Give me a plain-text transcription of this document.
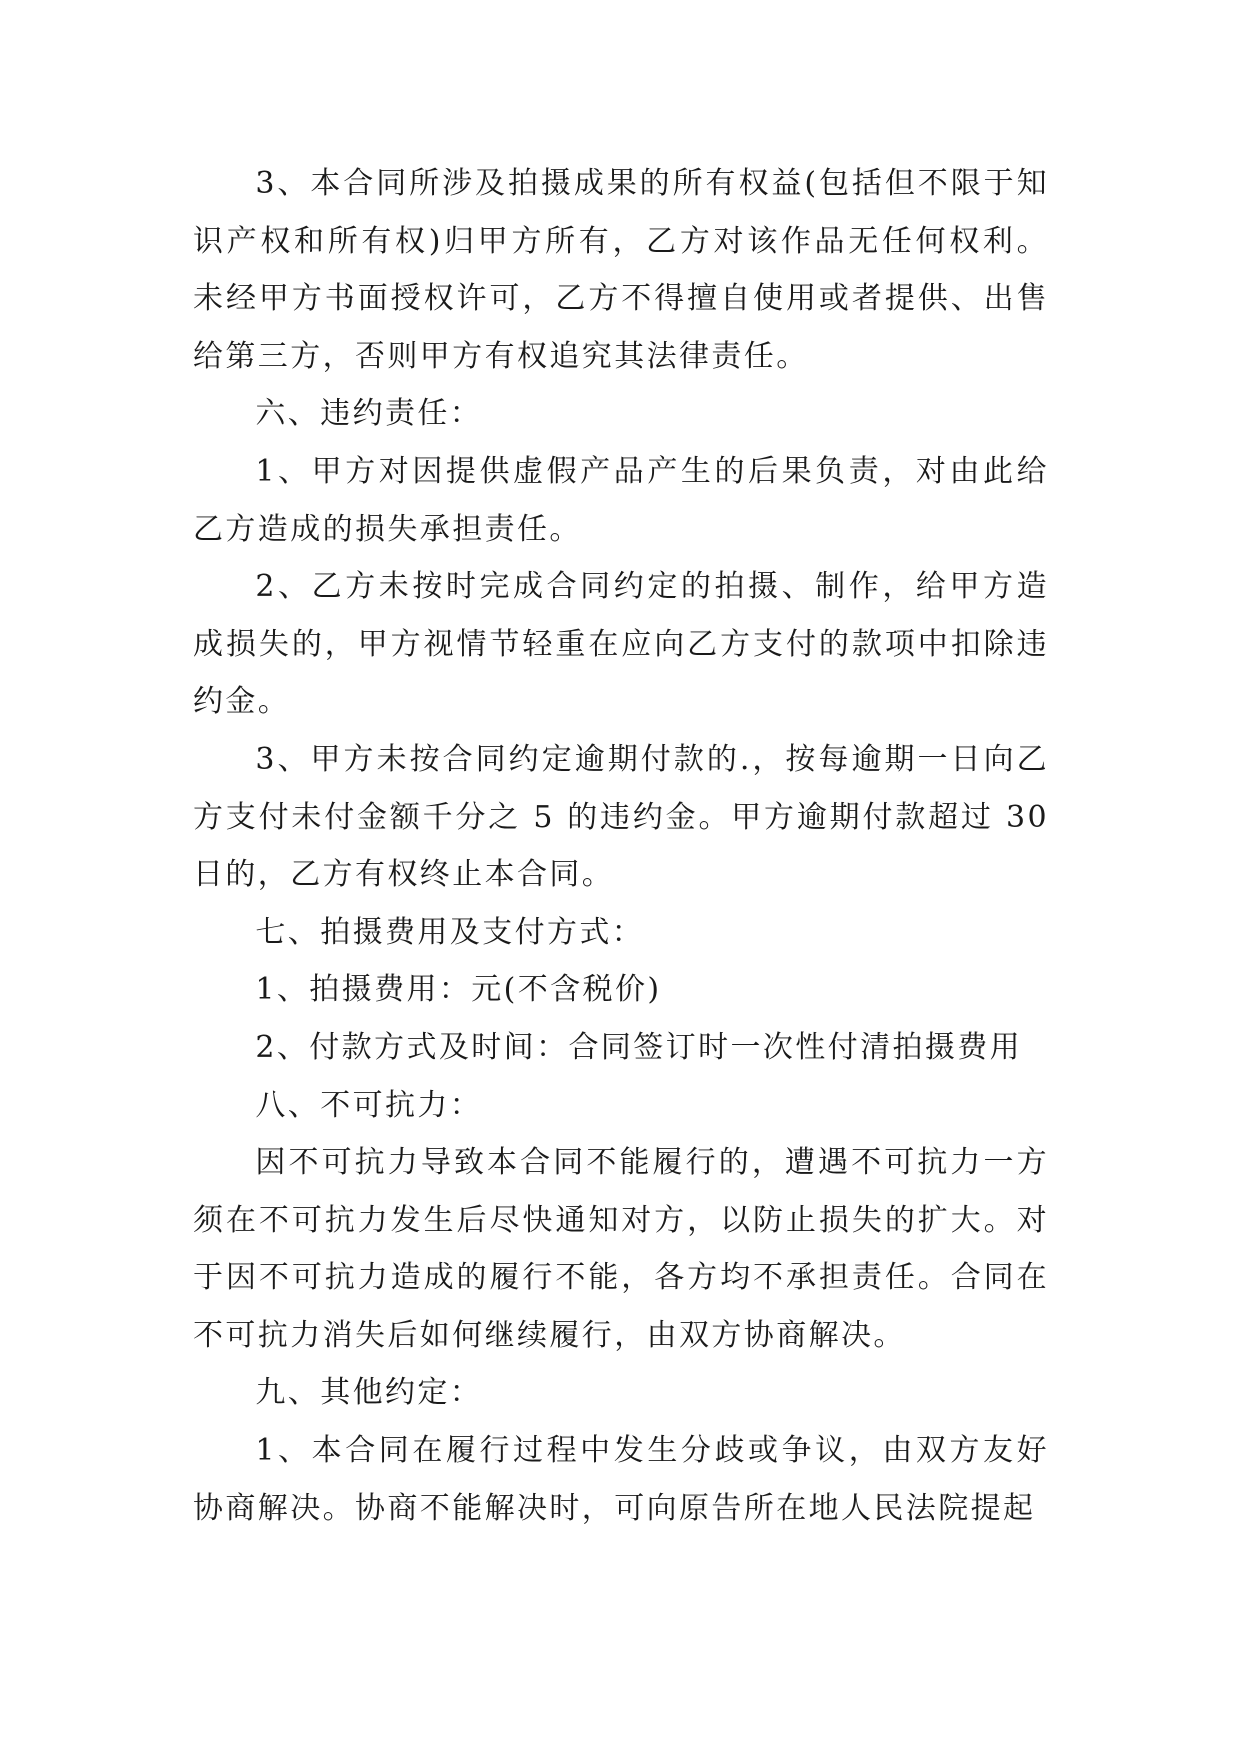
3、本合同所涉及拍摄成果的所有权益(包括但不限于知识产权和所有权)归甲方所有，乙方对该作品无任何权利。未经甲方书面授权许可，乙方不得擅自使用或者提供、出售给第三方，否则甲方有权追究其法律责任。

六、违约责任：

1、甲方对因提供虚假产品产生的后果负责，对由此给乙方造成的损失承担责任。

2、乙方未按时完成合同约定的拍摄、制作，给甲方造成损失的，甲方视情节轻重在应向乙方支付的款项中扣除违约金。

3、甲方未按合同约定逾期付款的.，按每逾期一日向乙方支付未付金额千分之 5 的违约金。甲方逾期付款超过 30 日的，乙方有权终止本合同。

七、拍摄费用及支付方式：

1、拍摄费用：元(不含税价)

2、付款方式及时间：合同签订时一次性付清拍摄费用

八、不可抗力：

因不可抗力导致本合同不能履行的，遭遇不可抗力一方须在不可抗力发生后尽快通知对方，以防止损失的扩大。对于因不可抗力造成的履行不能，各方均不承担责任。合同在不可抗力消失后如何继续履行，由双方协商解决。

九、其他约定：

1、本合同在履行过程中发生分歧或争议，由双方友好协商解决。协商不能解决时，可向原告所在地人民法院提起
